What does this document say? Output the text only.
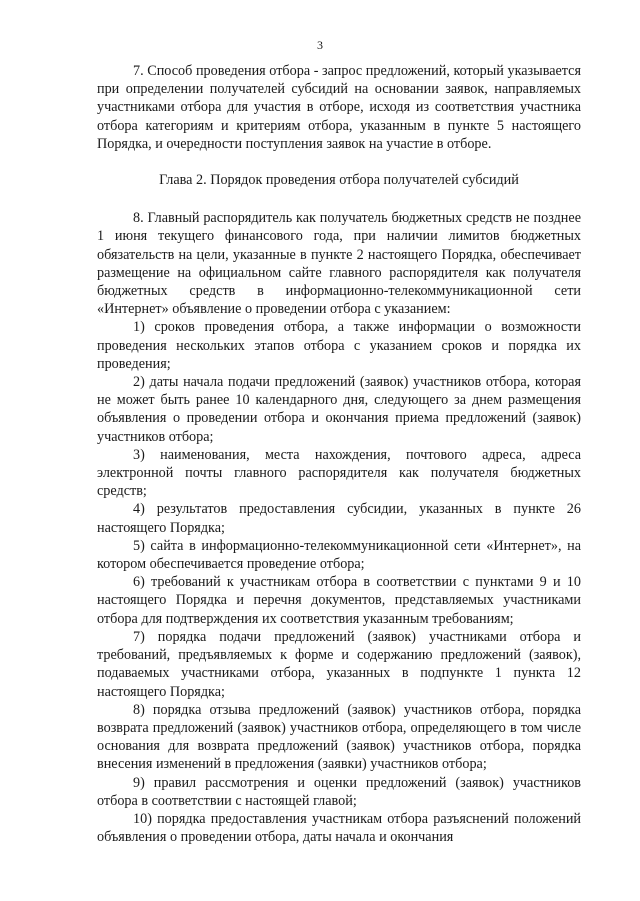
3

7. Способ проведения отбора - запрос предложений, который указывается при определении получателей субсидий на основании заявок, направляемых участниками отбора для участия в отборе, исходя из соответствия участника отбора категориям и критериям отбора, указанным в пункте 5 настоящего Порядка, и очередности поступления заявок на участие в отборе.

Глава 2. Порядок проведения отбора получателей субсидий

8. Главный распорядитель как получатель бюджетных средств не позднее 1 июня текущего финансового года, при наличии лимитов бюджетных обязательств на цели, указанные в пункте 2 настоящего Порядка, обеспечивает размещение на официальном сайте главного распорядителя как получателя бюджетных средств в информационно-телекоммуникационной сети «Интернет» объявление о проведении отбора с указанием:

1) сроков проведения отбора, а также информации о возможности проведения нескольких этапов отбора с указанием сроков и порядка их проведения;

2) даты начала подачи предложений (заявок) участников отбора, которая не может быть ранее 10 календарного дня, следующего за днем размещения объявления о проведении отбора и окончания приема предложений (заявок) участников отбора;

3) наименования, места нахождения, почтового адреса, адреса электронной почты главного распорядителя как получателя бюджетных средств;

4) результатов предоставления субсидии, указанных в пункте 26 настоящего Порядка;

5) сайта в информационно-телекоммуникационной сети «Интернет», на котором обеспечивается проведение отбора;

6) требований к участникам отбора в соответствии с пунктами 9 и 10 настоящего Порядка и перечня документов, представляемых участниками отбора для подтверждения их соответствия указанным требованиям;

7) порядка подачи предложений (заявок) участниками отбора и требований, предъявляемых к форме и содержанию предложений (заявок), подаваемых участниками отбора, указанных в подпункте 1 пункта 12 настоящего Порядка;

8) порядка отзыва предложений (заявок) участников отбора, порядка возврата предложений (заявок) участников отбора, определяющего в том числе основания для возврата предложений (заявок) участников отбора, порядка внесения изменений в предложения (заявки) участников отбора;

9) правил рассмотрения и оценки предложений (заявок) участников отбора в соответствии с настоящей главой;

10) порядка предоставления участникам отбора разъяснений положений объявления о проведении отбора, даты начала и окончания
